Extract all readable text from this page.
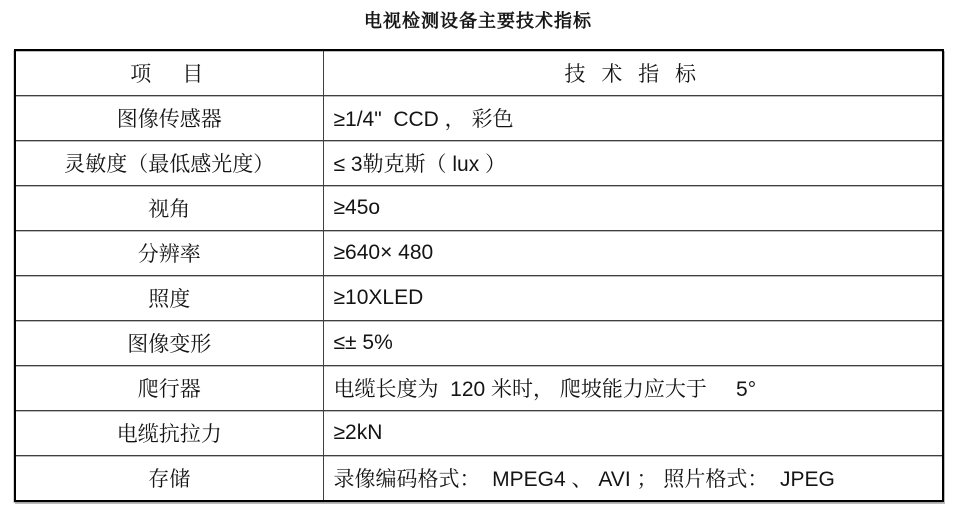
电视检测设备主要技术指标
项　目	技 术 指 标
图像传感器	≥1/4"  CCD ， 彩色
灵敏度（最低感光度）	≤ 3勒克斯（ lux ）
视角	≥45o
分辨率	≥640× 480
照度	≥10XLED
图像变形	≤± 5%
爬行器	电缆长度为  120 米时， 爬坡能力应大于     5°
电缆抗拉力	≥2kN
存储	录像编码格式：  MPEG4 、 AVI ； 照片格式：  JPEG
